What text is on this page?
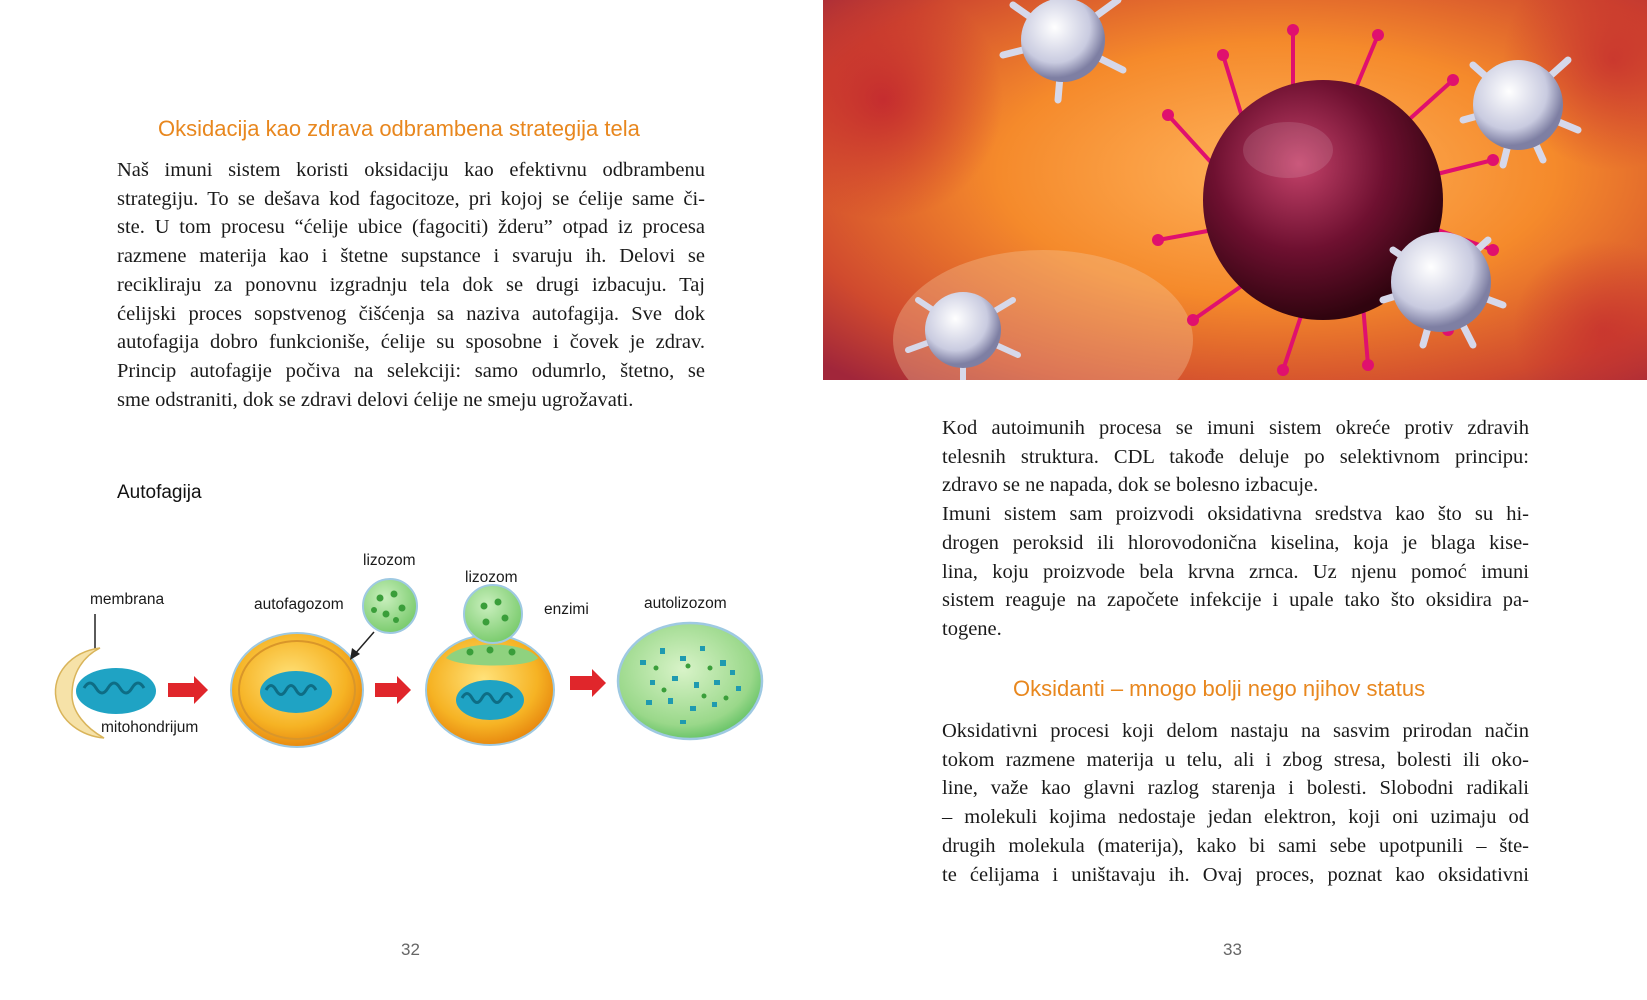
Oksidacija kao zdrava odbrambena strategija tela
Naš imuni sistem koristi oksidaciju kao efektivnu odbrambenu
strategiju. To se dešava kod fagocitoze, pri kojoj se ćelije same či-
ste. U tom procesu “ćelije ubice (fagociti) žderu” otpad iz procesa
razmene materija kao i štetne supstance i svaruju ih. Delovi se
recikliraju za ponovnu izgradnju tela dok se drugi izbacuju. Taj
ćelijski proces sopstvenog čišćenja sa naziva autofagija. Sve dok
autofagija dobro funkcioniše, ćelije su sposobne i čovek je zdrav.
Princip autofagije počiva na selekciji: samo odumrlo, štetno, se
sme odstraniti, dok se zdravi delovi ćelije ne smeju ugrožavati.
Autofagija
membrana
mitohondrijum
autofagozom
lizozom
lizozom
enzimi	autolizozom
32
Kod autoimunih procesa se imuni sistem okreće protiv zdravih
telesnih struktura. CDL takođe deluje po selektivnom principu:
zdravo se ne napada, dok se bolesno izbacuje.
Imuni sistem sam proizvodi oksidativna sredstva kao što su hi-
drogen peroksid ili hlorovodonična kiselina, koja je blaga kise-
lina, koju proizvode bela krvna zrnca. Uz njenu pomoć imuni
sistem reaguje na započete infekcije i upale tako što oksidira pa-
togene.
Oksidanti – mnogo bolji nego njihov status
Oksidativni procesi koji delom nastaju na sasvim prirodan način
tokom razmene materija u telu, ali i zbog stresa, bolesti ili oko-
line, važe kao glavni razlog starenja i bolesti. Slobodni radikali
– molekuli kojima nedostaje jedan elektron, koji oni uzimaju od
drugih molekula (materija), kako bi sami sebe upotpunili – šte-
te ćelijama i uništavaju ih. Ovaj proces, poznat kao oksidativni
33
